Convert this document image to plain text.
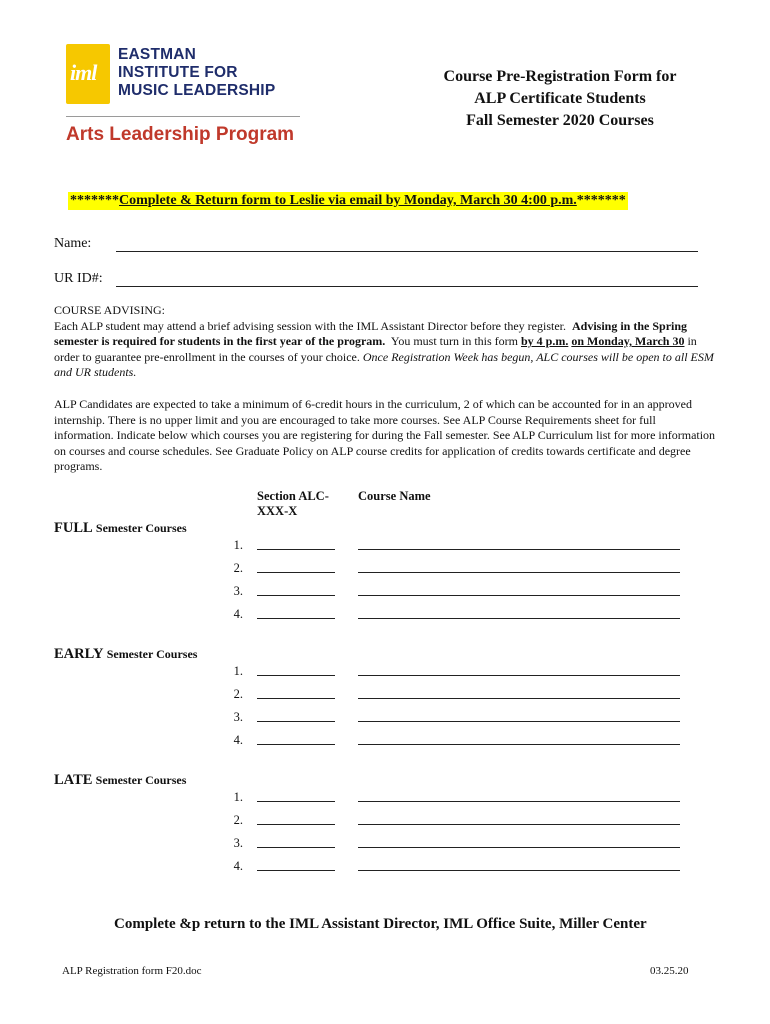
iml
EASTMAN
INSTITUTE FOR
MUSIC LEADERSHIP
Arts Leadership Program
Course Pre-Registration Form for
ALP Certificate Students
Fall Semester 2020 Courses
*******Complete & Return form to Leslie via email by Monday, March 30 4:00 p.m.*******
Name:
UR ID#:
COURSE ADVISING:
Each ALP student may attend a brief advising session with the IML Assistant Director before they register. Advising in the Spring semester is required for students in the first year of the program. You must turn in this form by 4 p.m. on Monday, March 30 in order to guarantee pre-enrollment in the courses of your choice. Once Registration Week has begun, ALC courses will be open to all ESM and UR students.
ALP Candidates are expected to take a minimum of 6-credit hours in the curriculum, 2 of which can be accounted for in an approved internship. There is no upper limit and you are encouraged to take more courses. See ALP Course Requirements sheet for full information. Indicate below which courses you are registering for during the Fall semester. See ALP Curriculum list for more information on courses and course schedules. See Graduate Policy on ALP course credits for application of credits towards certificate and degree programs.
Section ALC-XXX-X
Course Name
FULL Semester Courses
1.
2.
3.
4.
EARLY Semester Courses
1.
2.
3.
4.
LATE Semester Courses
1.
2.
3.
4.
Complete &p return to the IML Assistant Director, IML Office Suite, Miller Center
ALP Registration form F20.doc	03.25.20
